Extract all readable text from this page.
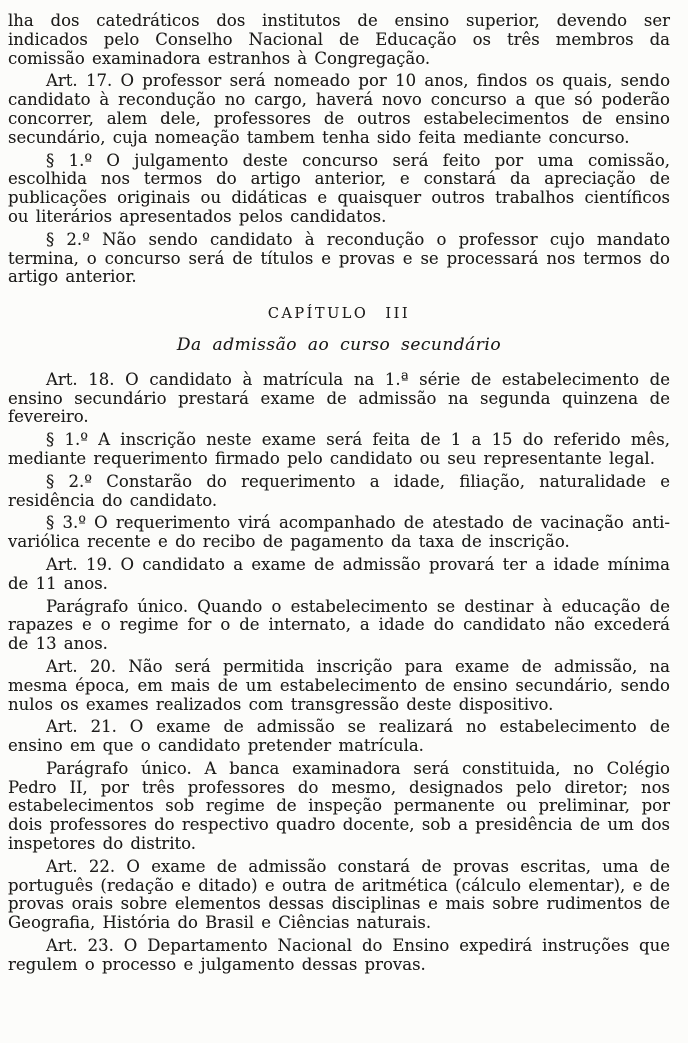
lha dos catedráticos dos institutos de ensino superior, devendo ser indicados pelo Conselho Nacional de Educação os três membros da comissão examinadora estranhos à Congregação.

Art. 17. O professor será nomeado por 10 anos, findos os quais, sendo candidato à recondução no cargo, haverá novo concurso a que só poderão concorrer, alem dele, professores de outros estabelecimentos de ensino secundário, cuja nomeação tambem tenha sido feita mediante concurso.

§ 1.º O julgamento deste concurso será feito por uma comissão, escolhida nos termos do artigo anterior, e constará da apreciação de publicações originais ou didáticas e quaisquer outros trabalhos científicos ou literários apresentados pelos candidatos.

§ 2.º Não sendo candidato à recondução o professor cujo mandato termina, o concurso será de títulos e provas e se processará nos termos do artigo anterior.

CAPÍTULO III

Da admissão ao curso secundário

Art. 18. O candidato à matrícula na 1.ª série de estabelecimento de ensino secundário prestará exame de admissão na segunda quinzena de fevereiro.

§ 1.º A inscrição neste exame será feita de 1 a 15 do referido mês, mediante requerimento firmado pelo candidato ou seu representante legal.

§ 2.º Constarão do requerimento a idade, filiação, naturalidade e residência do candidato.

§ 3.º O requerimento virá acompanhado de atestado de vacinação anti-variólica recente e do recibo de pagamento da taxa de inscrição.

Art. 19. O candidato a exame de admissão provará ter a idade mínima de 11 anos.

Parágrafo único. Quando o estabelecimento se destinar à educação de rapazes e o regime for o de internato, a idade do candidato não excederá de 13 anos.

Art. 20. Não será permitida inscrição para exame de admissão, na mesma época, em mais de um estabelecimento de ensino secundário, sendo nulos os exames realizados com transgressão deste dispositivo.

Art. 21. O exame de admissão se realizará no estabelecimento de ensino em que o candidato pretender matrícula.

Parágrafo único. A banca examinadora será constituida, no Colégio Pedro II, por três professores do mesmo, designados pelo diretor; nos estabelecimentos sob regime de inspeção permanente ou preliminar, por dois professores do respectivo quadro docente, sob a presidência de um dos inspetores do distrito.

Art. 22. O exame de admissão constará de provas escritas, uma de português (redação e ditado) e outra de aritmética (cálculo elementar), e de provas orais sobre elementos dessas disciplinas e mais sobre rudimentos de Geografia, História do Brasil e Ciências naturais.

Art. 23. O Departamento Nacional do Ensino expedirá instruções que regulem o processo e julgamento dessas provas.
